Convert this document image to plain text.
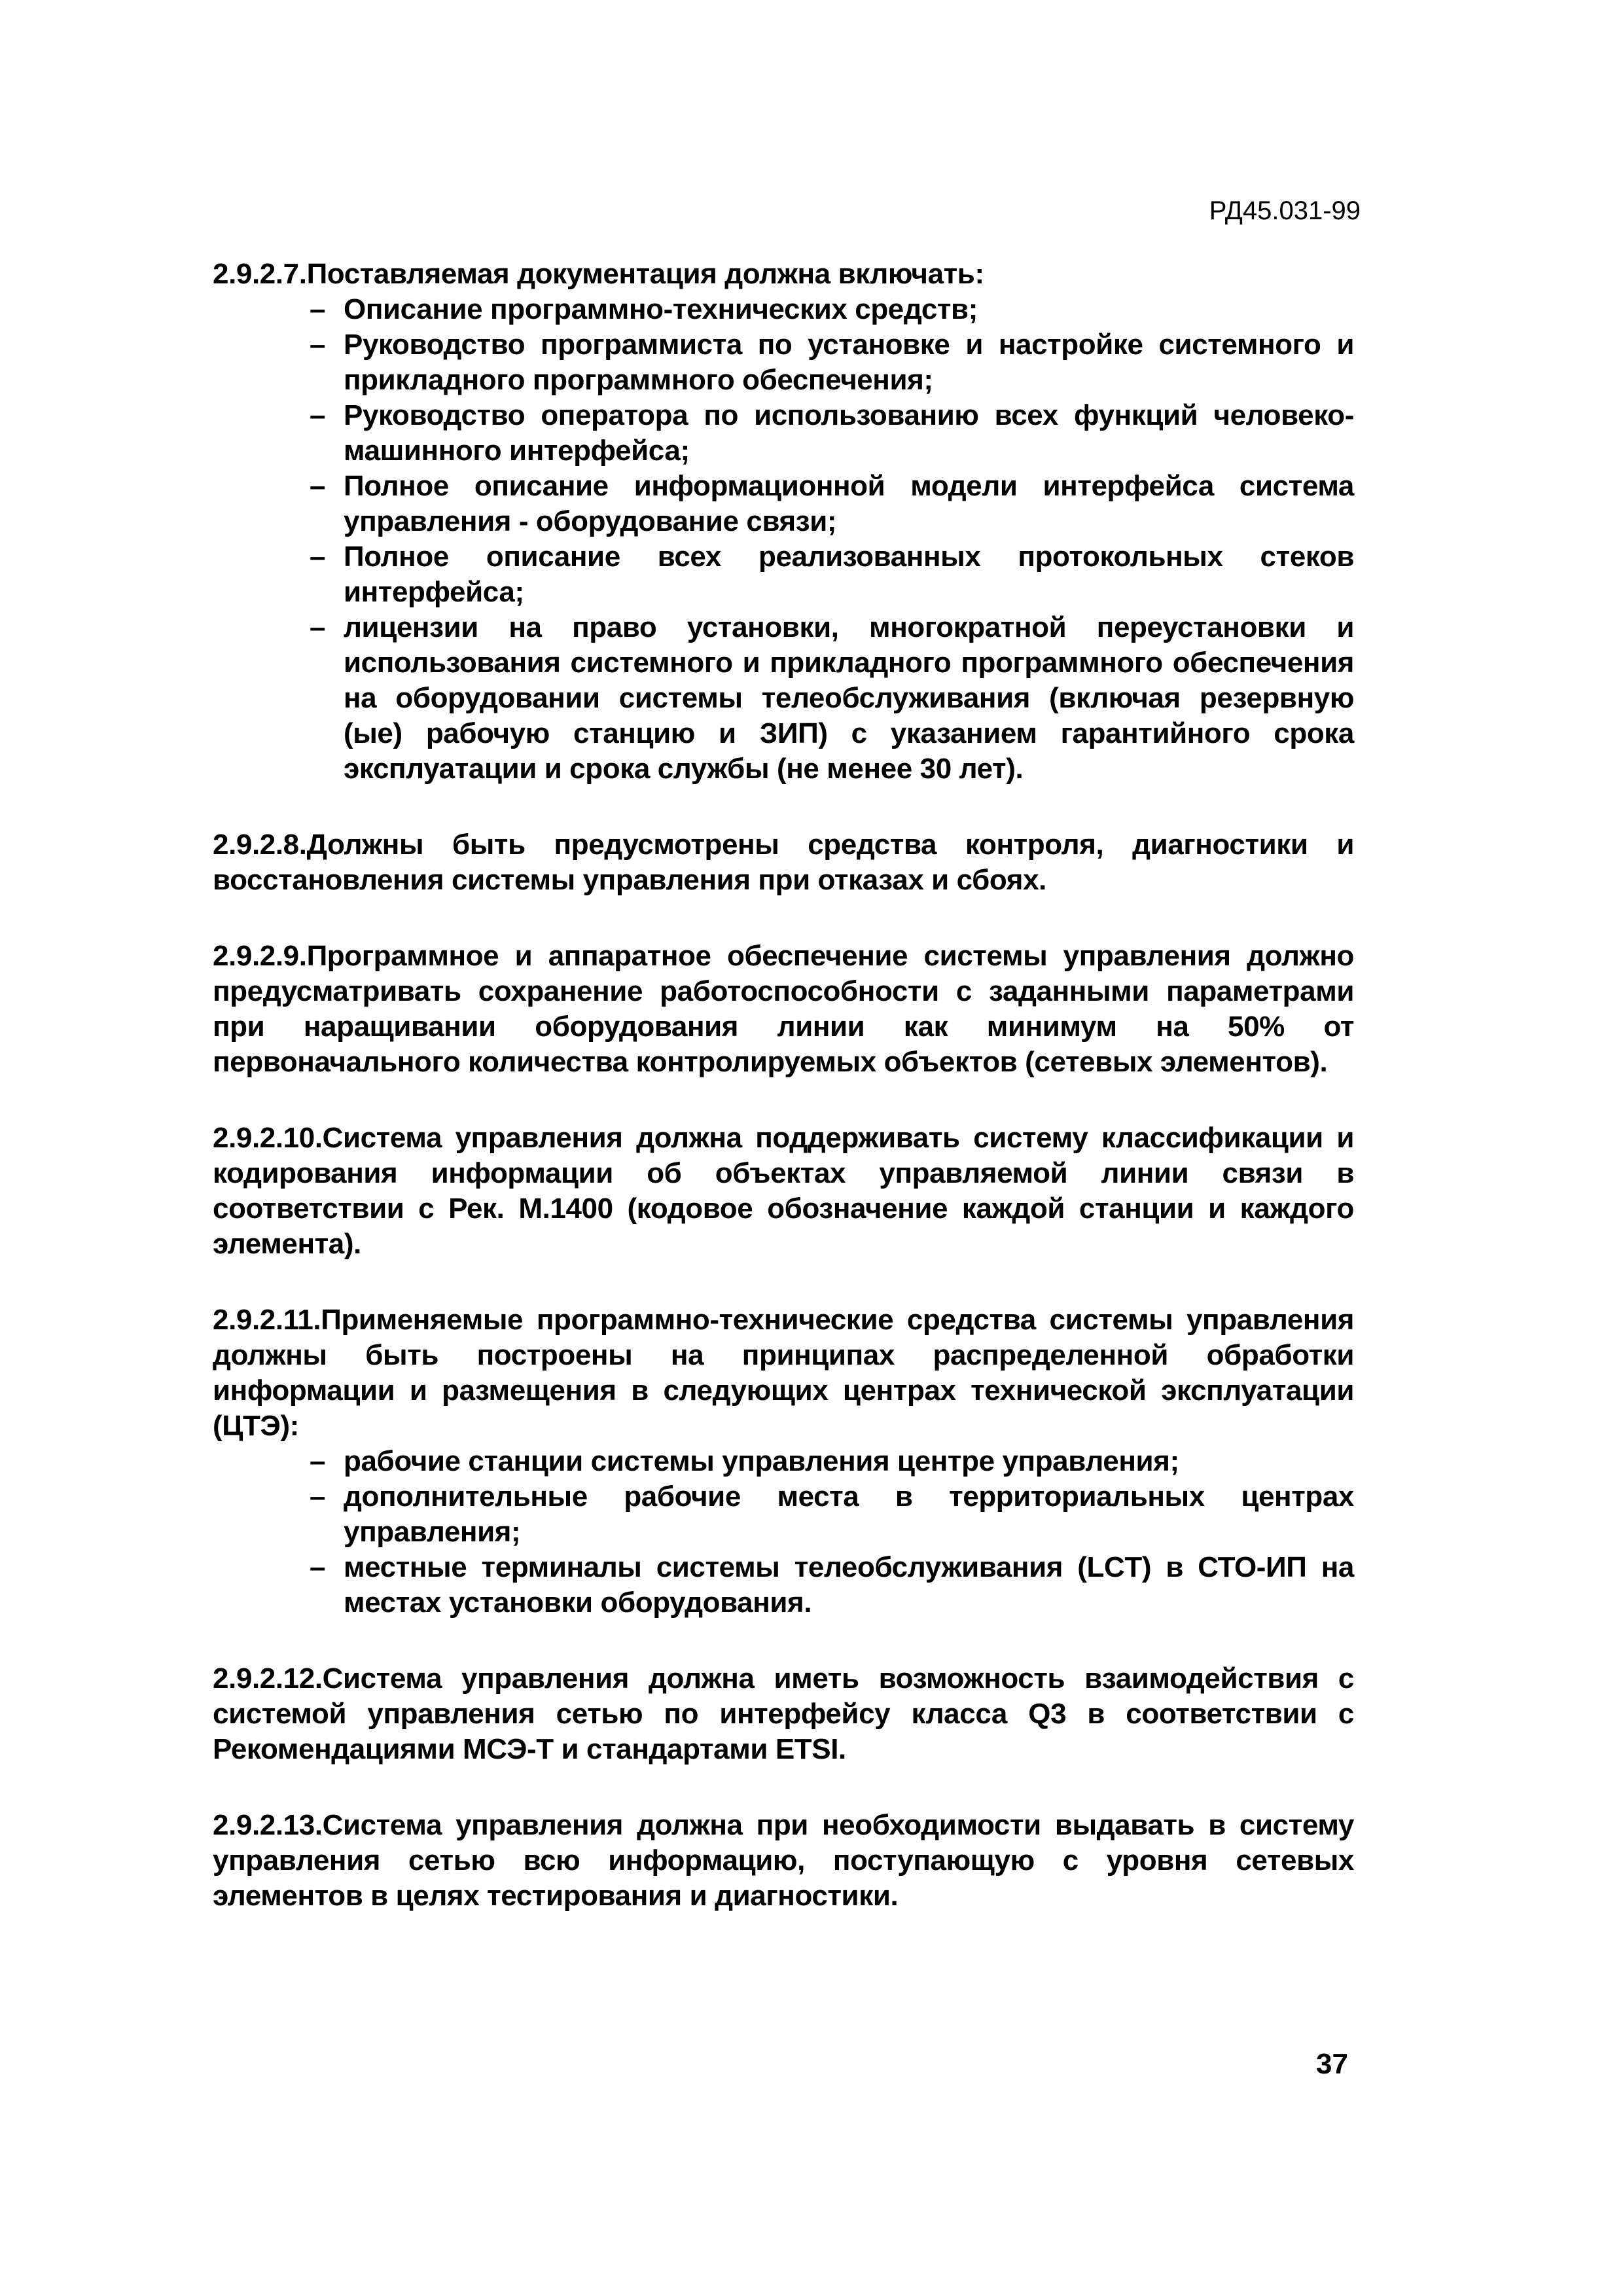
РД45.031-99

2.9.2.7.Поставляемая документация должна включать:

– Описание программно-технических средств;
– Руководство программиста по установке и настройке системного и прикладного программного обеспечения;
– Руководство оператора по использованию всех функций человеко-машинного интерфейса;
– Полное описание информационной модели интерфейса система управления - оборудование связи;
– Полное описание всех реализованных протокольных стеков интерфейса;
– лицензии на право установки, многократной переустановки и использования системного и прикладного программного обеспечения на оборудовании системы телеобслуживания (включая резервную (ые) рабочую станцию и ЗИП) с указанием гарантийного срока эксплуатации и срока службы (не менее 30 лет).

2.9.2.8.Должны быть предусмотрены средства контроля, диагностики и восстановления системы управления при отказах и сбоях.

2.9.2.9.Программное и аппаратное обеспечение системы управления должно предусматривать сохранение работоспособности с заданными параметрами при наращивании оборудования линии как минимум на 50% от первоначального количества контролируемых объектов (сетевых элементов).

2.9.2.10.Система управления должна поддерживать систему классификации и кодирования информации об объектах управляемой линии связи в соответствии с Рек. М.1400 (кодовое обозначение каждой станции и каждого элемента).

2.9.2.11.Применяемые программно-технические средства системы управления должны быть построены на принципах распределенной обработки информации и размещения в следующих центрах технической эксплуатации (ЦТЭ):

– рабочие станции системы управления центре управления;
– дополнительные рабочие места в территориальных центрах управления;
– местные терминалы системы телеобслуживания (LCT) в СТО-ИП на местах установки оборудования.

2.9.2.12.Система управления должна иметь возможность взаимодействия с системой управления сетью по интерфейсу класса Q3 в соответствии с Рекомендациями МСЭ-Т и стандартами ETSI.

2.9.2.13.Система управления должна при необходимости выдавать в систему управления сетью всю информацию, поступающую с уровня сетевых элементов в целях тестирования и диагностики.

37
